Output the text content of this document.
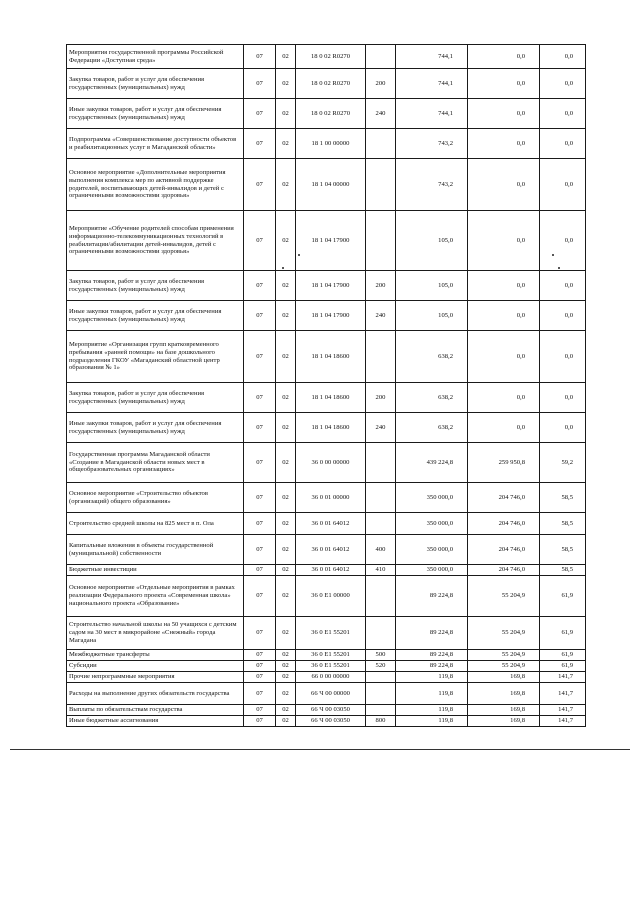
Мероприятия государственной программы Российской Федерации «Доступная среда»	07	02	18 0 02 R0270		744,1	0,0	0,0
Закупка товаров, работ и услуг для обеспечения государственных (муниципальных) нужд	07	02	18 0 02 R0270	200	744,1	0,0	0,0
Иные закупки товаров, работ и услуг для обеспечения государственных (муниципальных) нужд	07	02	18 0 02 R0270	240	744,1	0,0	0,0
Подпрограмма «Совершенствование доступности объектов и реабилитационных услуг в Магаданской области»	07	02	18 1 00 00000		743,2	0,0	0,0
Основное мероприятие «Дополнительные мероприятия выполнения комплекса мер по активной поддержке родителей, воспитывающих детей-инвалидов и детей с ограниченными возможностями здоровья»	07	02	18 1 04 00000		743,2	0,0	0,0
Мероприятие «Обучение родителей способам применения информационно-телекоммуникационных технологий в реабилитации/абилитации детей-инвалидов, детей с ограниченными возможностями здоровья»	07	02	18 1 04 17900		105,0	0,0	0,0
Закупка товаров, работ и услуг для обеспечения государственных (муниципальных) нужд	07	02	18 1 04 17900	200	105,0	0,0	0,0
Иные закупки товаров, работ и услуг для обеспечения государственных (муниципальных) нужд	07	02	18 1 04 17900	240	105,0	0,0	0,0
Мероприятие «Организация групп кратковременного пребывания «ранней помощи» на базе дошкольного подразделения ГКОУ «Магаданский областной центр образования № 1»	07	02	18 1 04 18600		638,2	0,0	0,0
Закупка товаров, работ и услуг для обеспечения государственных (муниципальных) нужд	07	02	18 1 04 18600	200	638,2	0,0	0,0
Иные закупки товаров, работ и услуг для обеспечения государственных (муниципальных) нужд	07	02	18 1 04 18600	240	638,2	0,0	0,0
Государственная программа Магаданской области «Создание в Магаданской области новых мест в общеобразовательных организациях»	07	02	36 0 00 00000		439 224,8	259 950,8	59,2
Основное мероприятие «Строительство объектов (организаций) общего образования»	07	02	36 0 01 00000		350 000,0	204 746,0	58,5
Строительство средней школы на 825 мест в п. Ола	07	02	36 0 01 64012		350 000,0	204 746,0	58,5
Капитальные вложения в объекты государственной (муниципальной) собственности	07	02	36 0 01 64012	400	350 000,0	204 746,0	58,5
Бюджетные инвестиции	07	02	36 0 01 64012	410	350 000,0	204 746,0	58,5
Основное мероприятие «Отдельные мероприятия в рамках реализации Федерального проекта «Современная школа» национального проекта «Образование»	07	02	36 0 E1 00000		89 224,8	55 204,9	61,9
Строительство начальной школы на 50 учащихся с детским садом на 30 мест в микрорайоне «Снежный» города Магадана	07	02	36 0 E1 55201		89 224,8	55 204,9	61,9
Межбюджетные трансферты	07	02	36 0 E1 55201	500	89 224,8	55 204,9	61,9
Субсидии	07	02	36 0 E1 55201	520	89 224,8	55 204,9	61,9
Прочие непрограммные мероприятия	07	02	66 0 00 00000		119,8	169,8	141,7
Расходы на выполнение других обязательств государства	07	02	66 Ч 00 00000		119,8	169,8	141,7
Выплаты по обязательствам государства	07	02	66 Ч 00 03050		119,8	169,8	141,7
Иные бюджетные ассигнования	07	02	66 Ч 00 03050	800	119,8	169,8	141,7
